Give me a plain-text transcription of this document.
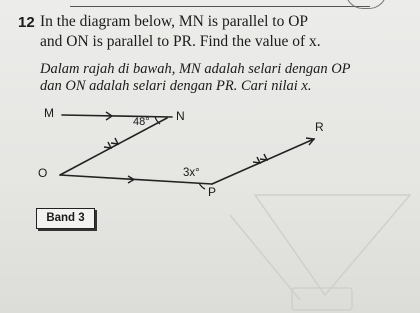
12 In the diagram below, MN is parallel to OP
and ON is parallel to PR. Find the value of x.
Dalam rajah di bawah, MN adalah selari dengan OP
dan ON adalah selari dengan PR. Cari nilai x.
M	N
O
P
R
48°
3x°
Band 3
